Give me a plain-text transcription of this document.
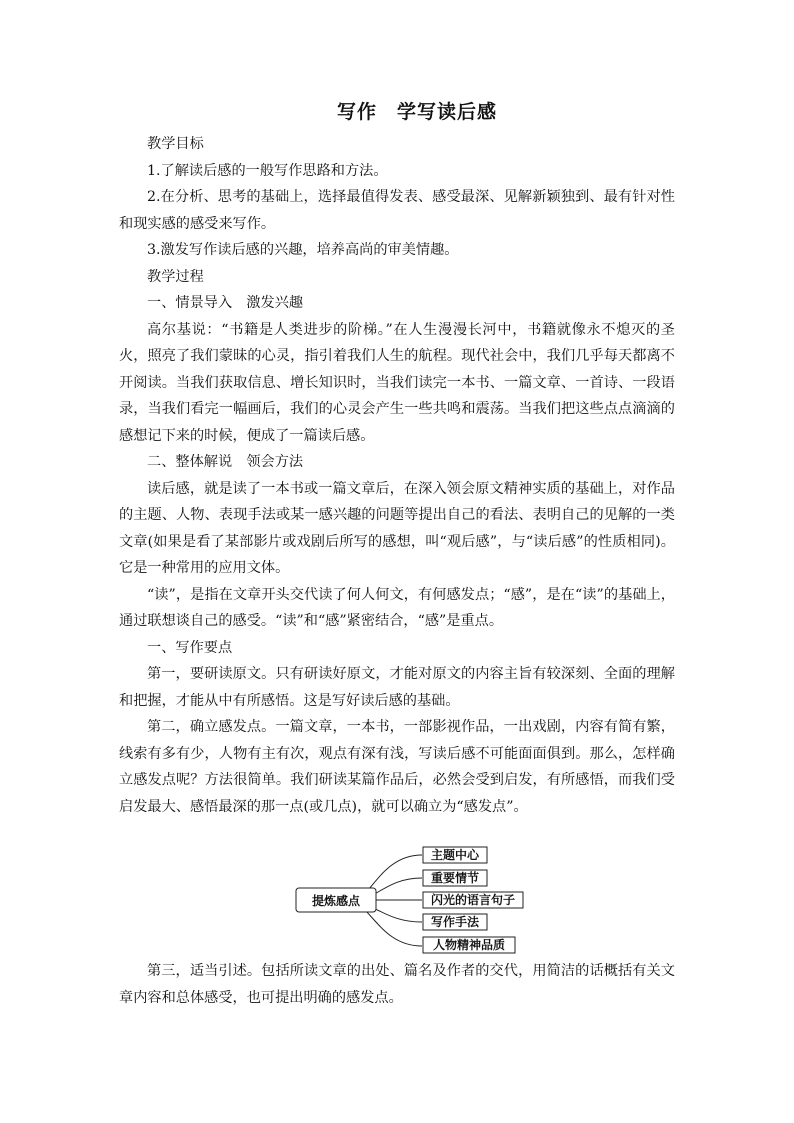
写作　学写读后感

教学目标

1.了解读后感的一般写作思路和方法。

2.在分析、思考的基础上，选择最值得发表、感受最深、见解新颖独到、最有针对性和现实感的感受来写作。

3.激发写作读后感的兴趣，培养高尚的审美情趣。

教学过程

一、情景导入　激发兴趣

高尔基说：“书籍是人类进步的阶梯。”在人生漫漫长河中，书籍就像永不熄灭的圣火，照亮了我们蒙昧的心灵，指引着我们人生的航程。现代社会中，我们几乎每天都离不开阅读。当我们获取信息、增长知识时，当我们读完一本书、一篇文章、一首诗、一段语录，当我们看完一幅画后，我们的心灵会产生一些共鸣和震荡。当我们把这些点点滴滴的感想记下来的时候，便成了一篇读后感。

二、整体解说　领会方法

读后感，就是读了一本书或一篇文章后，在深入领会原文精神实质的基础上，对作品的主题、人物、表现手法或某一感兴趣的问题等提出自己的看法、表明自己的见解的一类文章(如果是看了某部影片或戏剧后所写的感想，叫“观后感”，与“读后感”的性质相同)。它是一种常用的应用文体。

“读”，是指在文章开头交代读了何人何文，有何感发点；“感”，是在“读”的基础上，通过联想谈自己的感受。“读”和“感”紧密结合，“感”是重点。

一、写作要点

第一，要研读原文。只有研读好原文，才能对原文的内容主旨有较深刻、全面的理解和把握，才能从中有所感悟。这是写好读后感的基础。

第二，确立感发点。一篇文章，一本书，一部影视作品，一出戏剧，内容有简有繁，线索有多有少，人物有主有次，观点有深有浅，写读后感不可能面面俱到。那么，怎样确立感发点呢？方法很简单。我们研读某篇作品后，必然会受到启发，有所感悟，而我们受启发最大、感悟最深的那一点(或几点)，就可以确立为“感发点”。

提炼感点
主题中心
重要情节
闪光的语言句子
写作手法
人物精神品质

第三，适当引述。包括所读文章的出处、篇名及作者的交代，用简洁的话概括有关文章内容和总体感受，也可提出明确的感发点。
